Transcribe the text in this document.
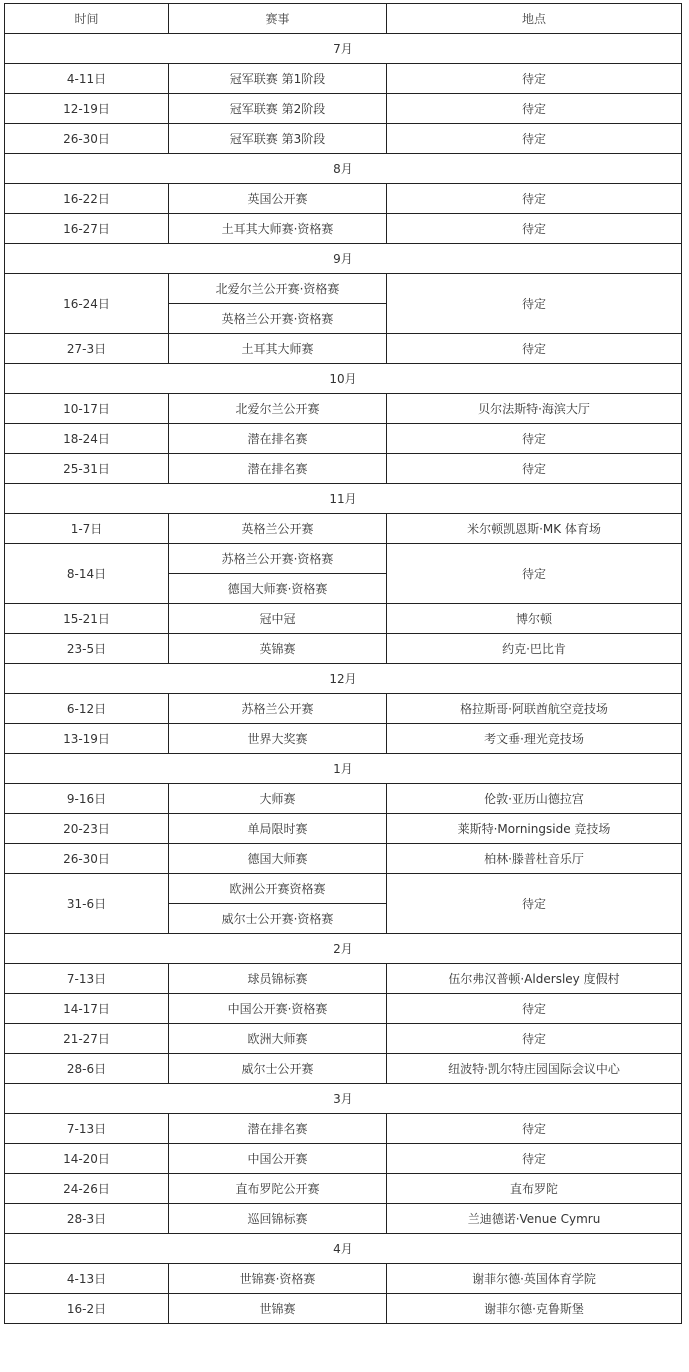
时间	赛事	地点
7月		
4-11日	冠军联赛 第1阶段	待定
12-19日	冠军联赛 第2阶段	待定
26-30日	冠军联赛 第3阶段	待定
8月		
16-22日	英国公开赛	待定
16-27日	土耳其大师赛·资格赛	待定
9月		
16-24日	北爱尔兰公开赛·资格赛	待定
	英格兰公开赛·资格赛	
27-3日	土耳其大师赛	待定
10月		
10-17日	北爱尔兰公开赛	贝尔法斯特·海滨大厅
18-24日	潜在排名赛	待定
25-31日	潜在排名赛	待定
11月		
1-7日	英格兰公开赛	米尔顿凯恩斯·MK 体育场
8-14日	苏格兰公开赛·资格赛	待定
	德国大师赛·资格赛	
15-21日	冠中冠	博尔顿
23-5日	英锦赛	约克·巴比肯
12月		
6-12日	苏格兰公开赛	格拉斯哥·阿联酋航空竞技场
13-19日	世界大奖赛	考文垂·理光竞技场
1月		
9-16日	大师赛	伦敦·亚历山德拉宫
20-23日	单局限时赛	莱斯特·Morningside 竞技场
26-30日	德国大师赛	柏林·滕普杜音乐厅
31-6日	欧洲公开赛资格赛	待定
	威尔士公开赛·资格赛	
2月		
7-13日	球员锦标赛	伍尔弗汉普顿·Aldersley 度假村
14-17日	中国公开赛·资格赛	待定
21-27日	欧洲大师赛	待定
28-6日	威尔士公开赛	纽波特·凯尔特庄园国际会议中心
3月		
7-13日	潜在排名赛	待定
14-20日	中国公开赛	待定
24-26日	直布罗陀公开赛	直布罗陀
28-3日	巡回锦标赛	兰迪德诺·Venue Cymru
4月		
4-13日	世锦赛·资格赛	谢菲尔德·英国体育学院
16-2日	世锦赛	谢菲尔德·克鲁斯堡
